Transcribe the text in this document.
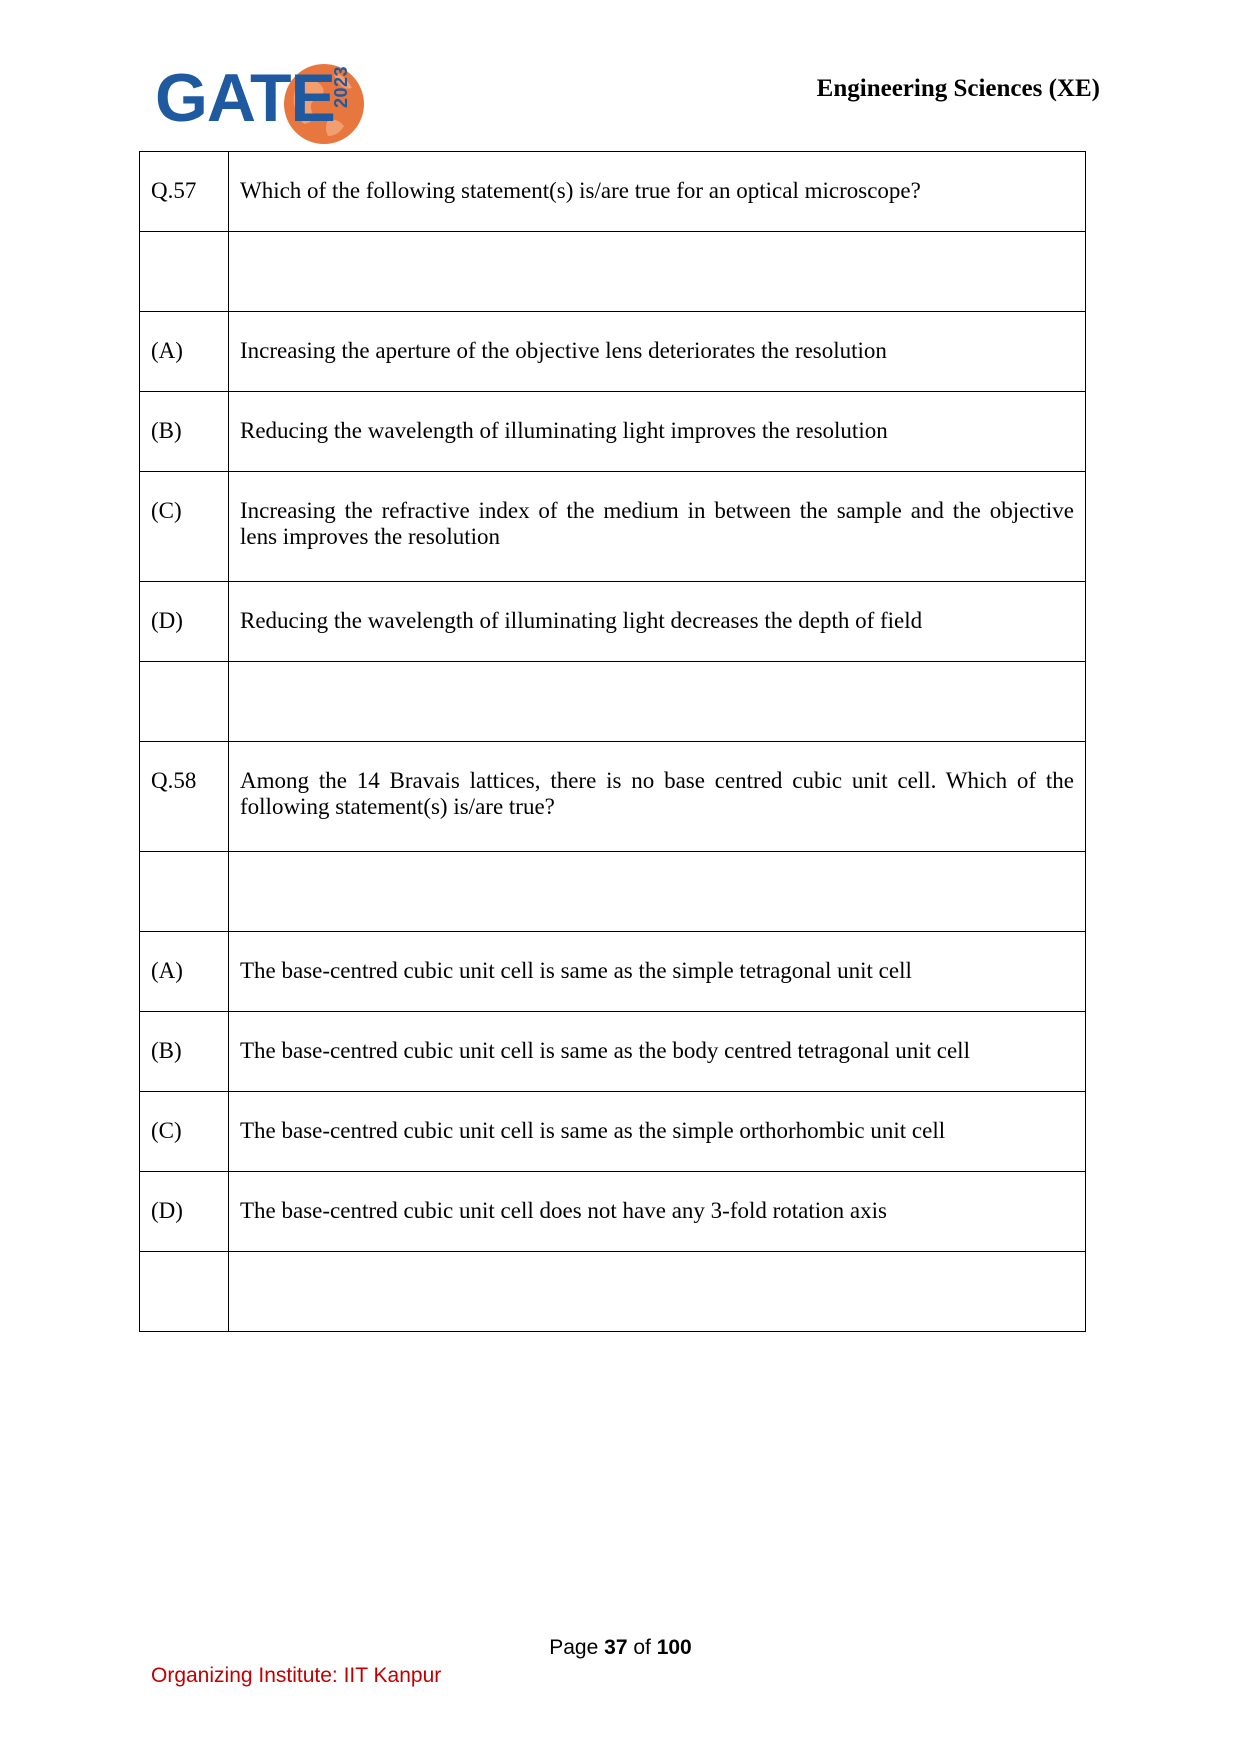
GATE
2023	Engineering Sciences (XE)
Q.57	Which of the following statement(s) is/are true for an optical microscope?

(A)	Increasing the aperture of the objective lens deteriorates the resolution
(B)	Reducing the wavelength of illuminating light improves the resolution
(C)	Increasing the refractive index of the medium in between the sample and the objective lens improves the resolution
(D)	Reducing the wavelength of illuminating light decreases the depth of field

Q.58	Among the 14 Bravais lattices, there is no base centred cubic unit cell. Which of the following statement(s) is/are true?

(A)	The base-centred cubic unit cell is same as the simple tetragonal unit cell
(B)	The base-centred cubic unit cell is same as the body centred tetragonal unit cell
(C)	The base-centred cubic unit cell is same as the simple orthorhombic unit cell
(D)	The base-centred cubic unit cell does not have any 3-fold rotation axis

Page 37 of 100
Organizing Institute: IIT Kanpur
